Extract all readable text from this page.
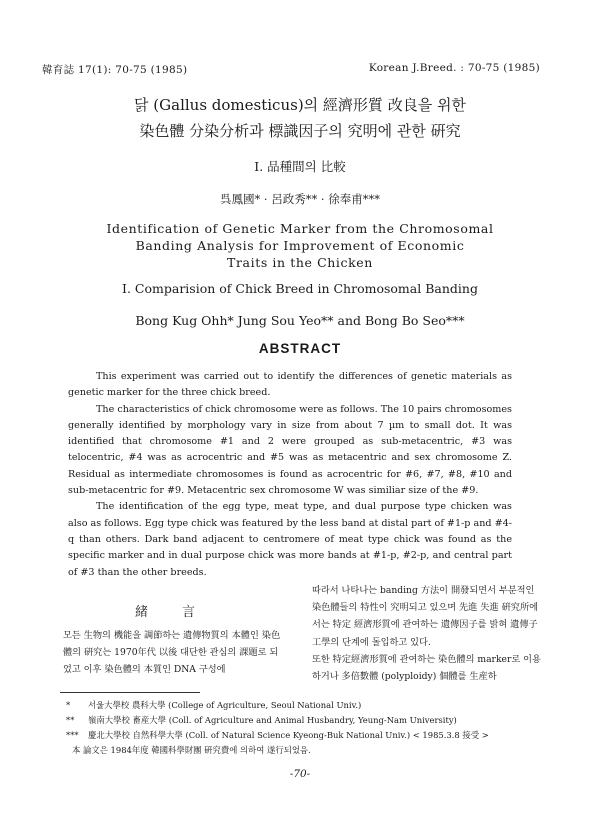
韓育誌 17(1): 70-75 (1985)	Korean J.Breed. : 70-75 (1985)
닭 (Gallus domesticus)의 經濟形質 改良을 위한
染色體 分染分析과 標識因子의 究明에 관한 硏究
I. 品種間의 比較
呉鳳國* · 呂政秀** · 徐奉甫***
Identification of Genetic Marker from the Chromosomal
Banding Analysis for Improvement of Economic
Traits in the Chicken
I. Comparision of Chick Breed in Chromosomal Banding
Bong Kug Ohh* Jung Sou Yeo** and Bong Bo Seo***
ABSTRACT

This experiment was carried out to identify the differences of genetic materials as genetic marker for the three chick breed.

The characteristics of chick chromosome were as follows. The 10 pairs chromosomes generally identified by morphology vary in size from about 7 µm to small dot. It was identified that chromosome #1 and 2 were grouped as sub-metacentric, #3 was telocentric, #4 was as acrocentric and #5 was as metacentric and sex chromosome Z. Residual as intermediate chromosomes is found as acrocentric for #6, #7, #8, #10 and sub-metacentric for #9. Metacentric sex chromosome W was similiar size of the #9.

The identification of the egg type, meat type, and dual purpose type chicken was also as follows. Egg type chick was featured by the less band at distal part of #1-p and #4-q than others. Dark band adjacent to centromere of meat type chick was found as the specific marker and in dual purpose chick was more bands at #1-p, #2-p, and central part of #3 than the other breeds.

緒言
모든 生物의 機能을 調節하는 遺傳物質의 本體인 染色體의 硏究는 1970年代 以後 대단한 관심의 課題로 되었고 이후 染色體의 本質인 DNA 구성에

따라서 나타나는 banding 方法이 開發되면서 부분적인 染色體들의 特性이 究明되고 있으며 先進 失進 硏究所에서는 特定 經濟形質에 관여하는 遺傳因子를 밝혀 遺傳子 工學의 단계에 돌입하고 있다.

또한 特定經濟形質에 관여하는 染色體의 marker로 이용하거나 多倍數體 (polyploidy) 個體를 生産하

* 서울大學校 農科大學 (College of Agriculture, Seoul National Univ.)
** 嶺南大學校 畜産大學 (Coll. of Agriculture and Animal Husbandry, Yeung-Nam University)
*** 慶北大學校 自然科學大學 (Coll. of Natural Science Kyeong-Buk National Univ.) < 1985.3.8 接受 >
本 論文은 1984年度 韓國科學財團 硏究費에 의하여 遂行되었음.
-70-
